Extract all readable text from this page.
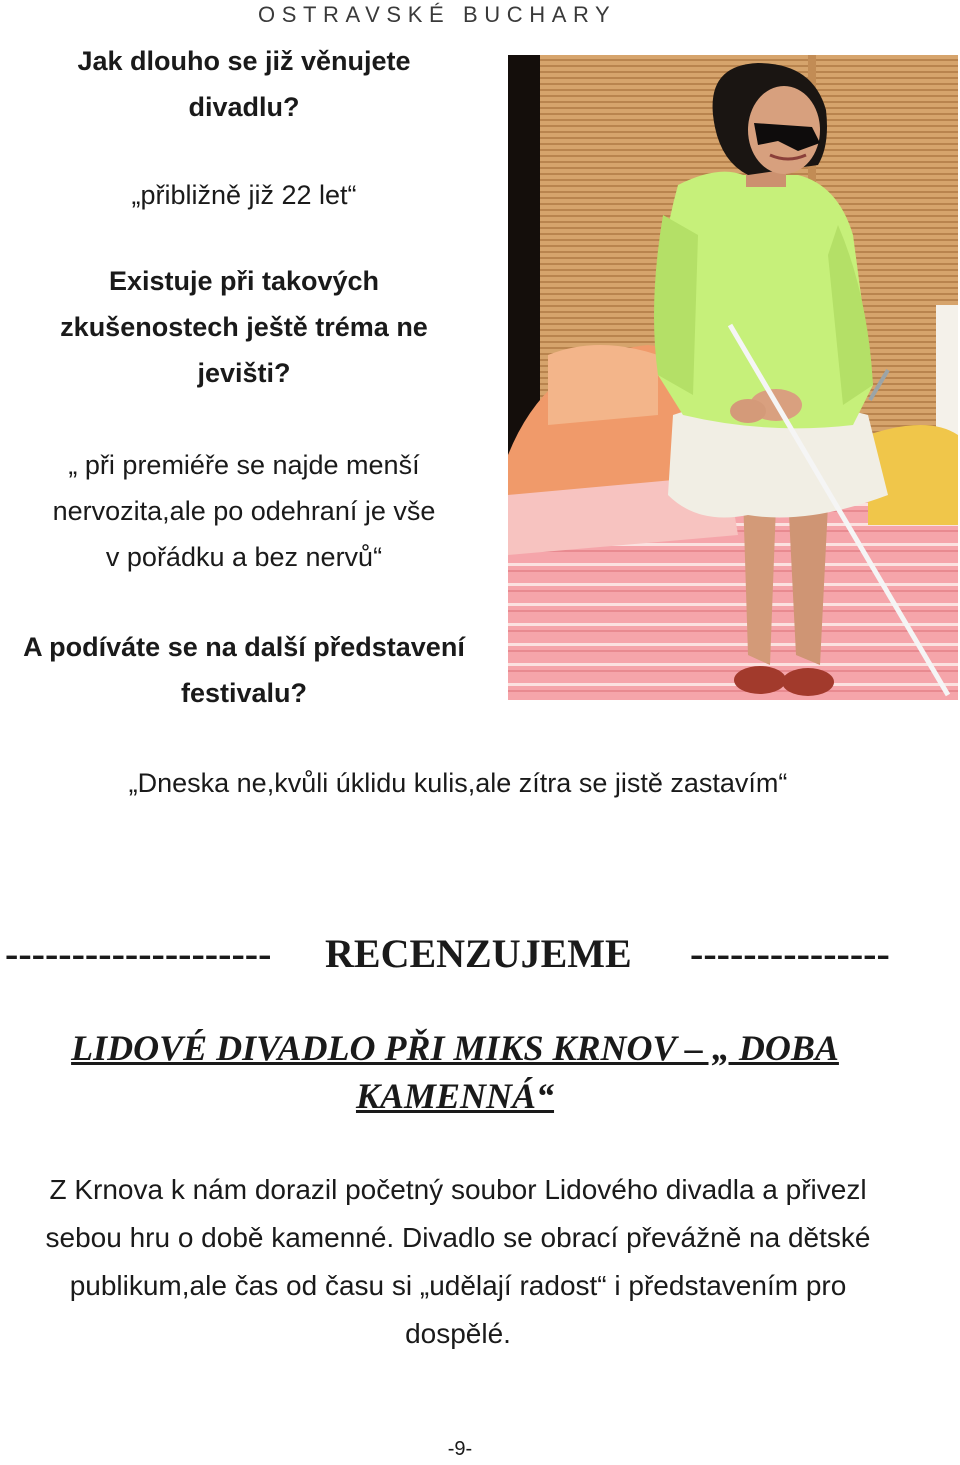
OSTRAVSKÉ BUCHARY
Jak dlouho se již věnujete
divadlu?
„přibližně již 22 let“
Existuje při takových
zkušenostech ještě tréma ne
jevišti?
„ při premiéře se najde menší
nervozita,ale po odehraní je vše
v pořádku a bez nervů“
A podíváte se na další představení
festivalu?
„Dneska ne,kvůli úklidu kulis,ale zítra se jistě zastavím“
-------------------- RECENZUJEME ---------------
LIDOVÉ DIVADLO PŘI MIKS KRNOV – „ DOBA
KAMENNÁ“
Z Krnova k nám dorazil početný soubor Lidového divadla a přivezl
sebou hru o době kamenné. Divadlo se obrací převážně na dětské
publikum,ale čas od času si „udělají radost“ i představením pro
dospělé.
-9-
